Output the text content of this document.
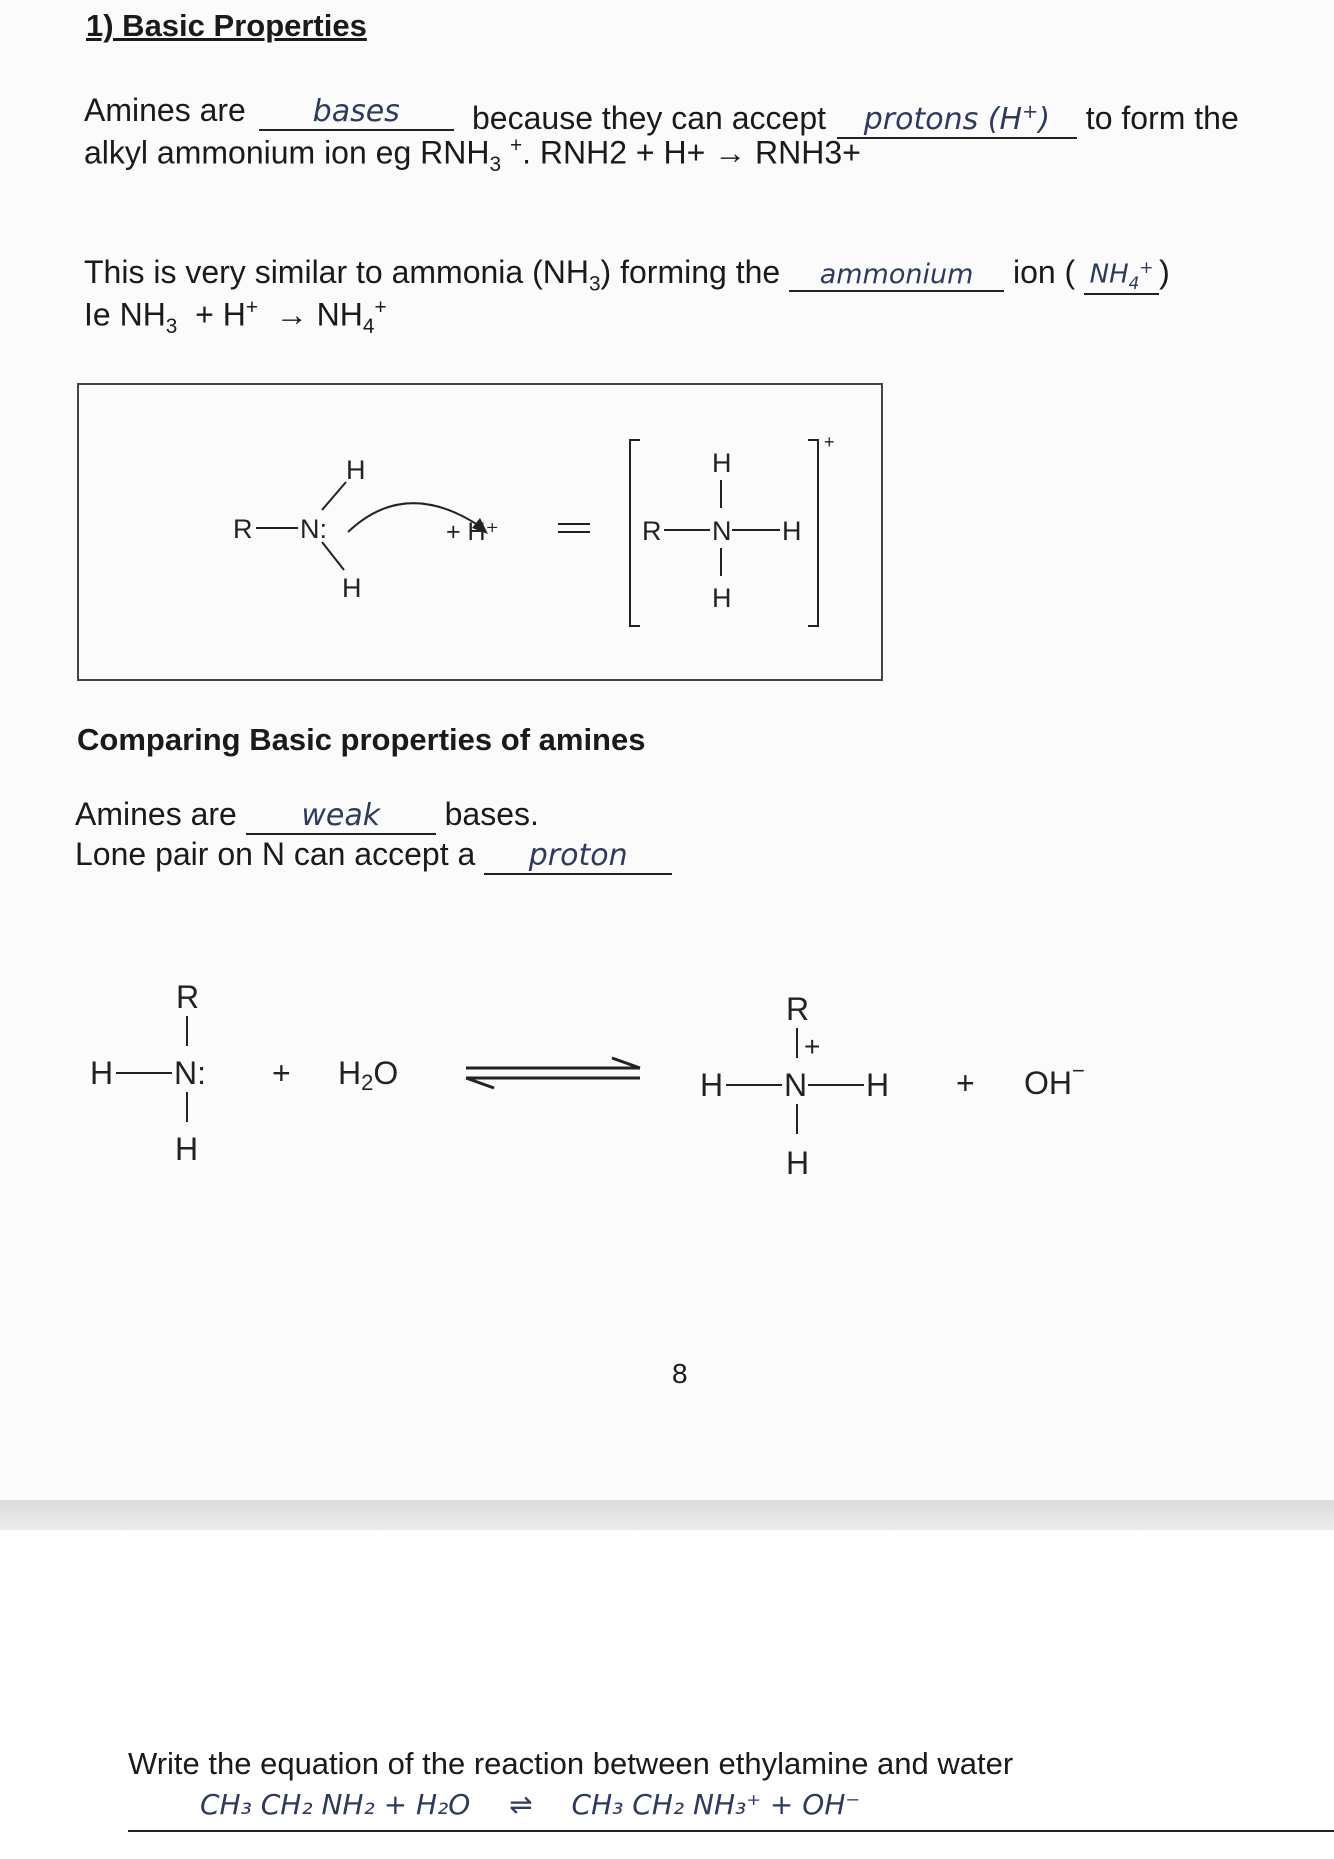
1) Basic Properties
Amines are bases	because they can accept protons (H+) to form the
alkyl ammonium ion eg $RNH_3$ +. RNH2 + H+ → RNH3+
This is very similar to ammonia $(NH_3)$ forming the ammonium ion ( $NH_4^+$ )
Ie $NH_3 + H^+ \to NH_4^+$
R N:
H
H
+ H⁺
+
H
R N H
H
Comparing Basic properties of amines
Amines are weak bases.
Lone pair on N can accept a proton
R
H N:
H
+ H2O
R
+
H N H
H
+ OH−
8
Write the equation of the reaction between ethylamine and water
CH₃ CH₂ NH₂ + H₂O ⇌ CH₃ CH₂ NH₃⁺ + OH⁻
